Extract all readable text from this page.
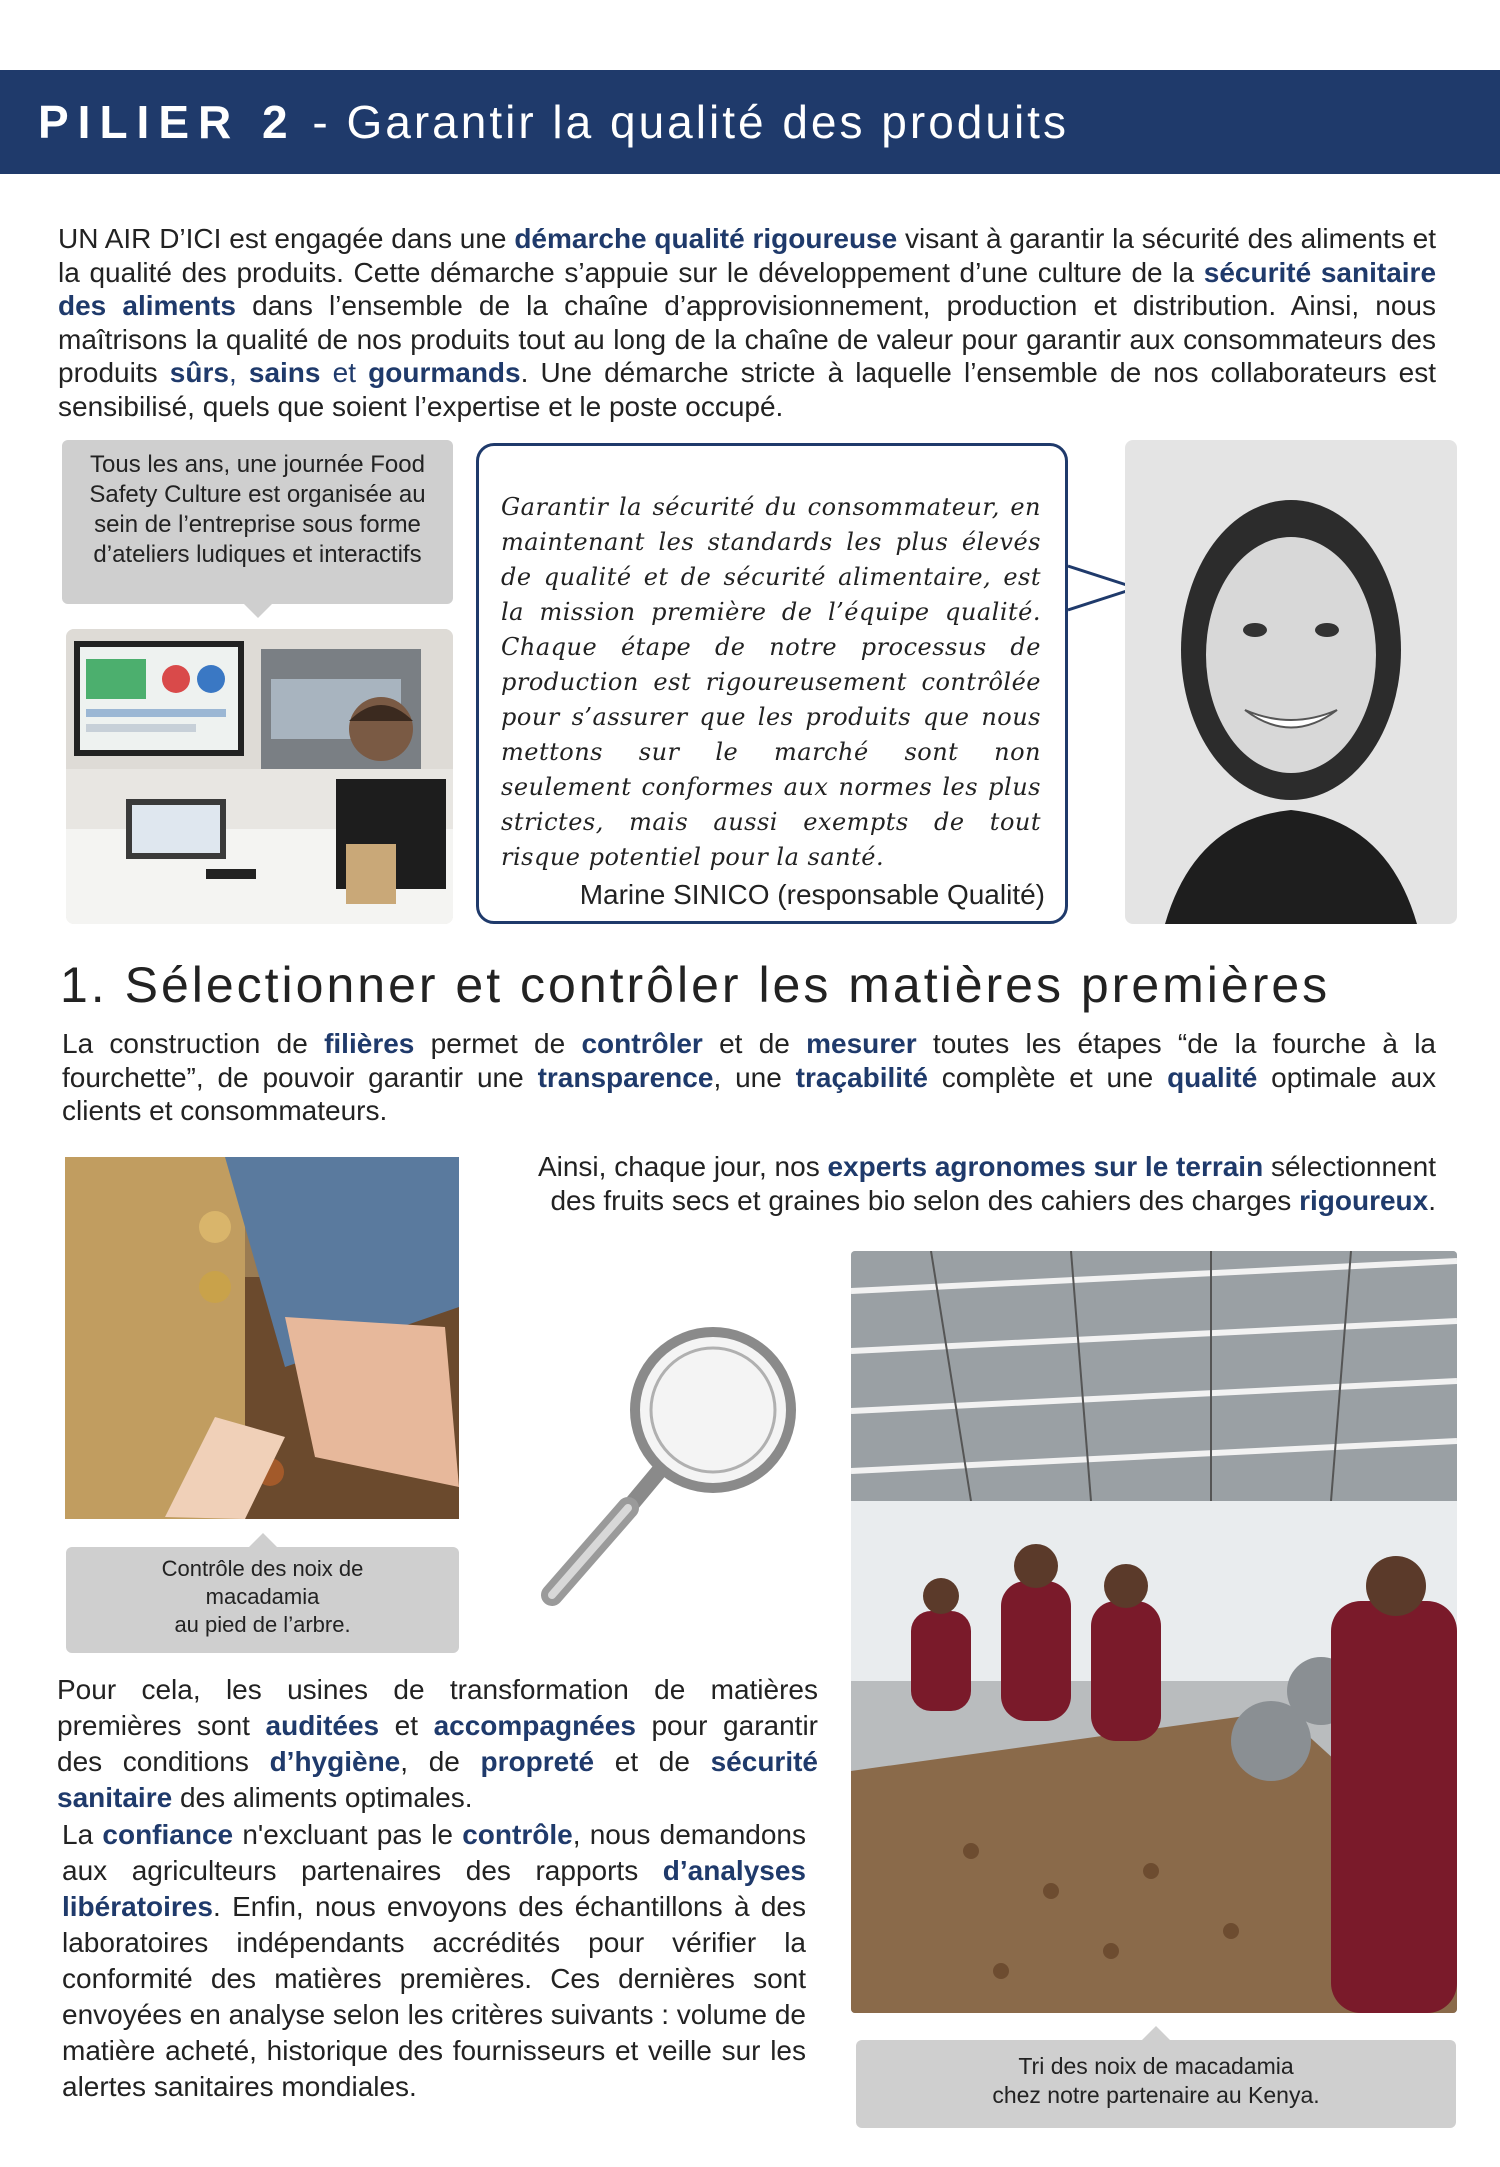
PILIER 2 - Garantir la qualité des produits
UN AIR D’ICI est engagée dans une démarche qualité rigoureuse visant à garantir la sécurité des aliments et la qualité des produits. Cette démarche s’appuie sur le développement d’une culture de la sécurité sanitaire des aliments dans l’ensemble de la chaîne d’approvisionnement, production et distribution. Ainsi, nous maîtrisons la qualité de nos produits tout au long de la chaîne de valeur pour garantir aux consommateurs des produits sûrs, sains et gourmands. Une démarche stricte à laquelle l’ensemble de nos collaborateurs est sensibilisé, quels que soient l’expertise et le poste occupé.
Tous les ans, une journée Food Safety Culture est organisée au sein de l’entreprise sous forme d’ateliers ludiques et interactifs
Garantir la sécurité du consommateur, en maintenant les standards les plus élevés de qualité et de sécurité alimentaire, est la mission première de l’équipe qualité. Chaque étape de notre processus de production est rigoureusement contrôlée pour s’assurer que les produits que nous mettons sur le marché sont non seulement conformes aux normes les plus strictes, mais aussi exempts de tout risque potentiel pour la santé.
Marine SINICO (responsable Qualité)
1. Sélectionner et contrôler les matières premières
La construction de filières permet de contrôler et de mesurer toutes les étapes “de la fourche à la fourchette”, de pouvoir garantir une transparence, une traçabilité complète et une qualité optimale aux clients et consommateurs.
Contrôle des noix de
macadamia
au pied de l’arbre.
Ainsi, chaque jour, nos experts agronomes sur le terrain sélectionnent des fruits secs et graines bio selon des cahiers des charges rigoureux.
Tri des noix de macadamia
chez notre partenaire au Kenya.
Pour cela, les usines de transformation de matières premières sont auditées et accompagnées pour garantir des conditions d’hygiène, de propreté et de sécurité sanitaire des aliments optimales.
La confiance n'excluant pas le contrôle, nous demandons aux agriculteurs partenaires des rapports d’analyses libératoires. Enfin, nous envoyons des échantillons à des laboratoires indépendants accrédités pour vérifier la conformité des matières premières. Ces dernières sont envoyées en analyse selon les critères suivants : volume de matière acheté, historique des fournisseurs et veille sur les alertes sanitaires mondiales.
